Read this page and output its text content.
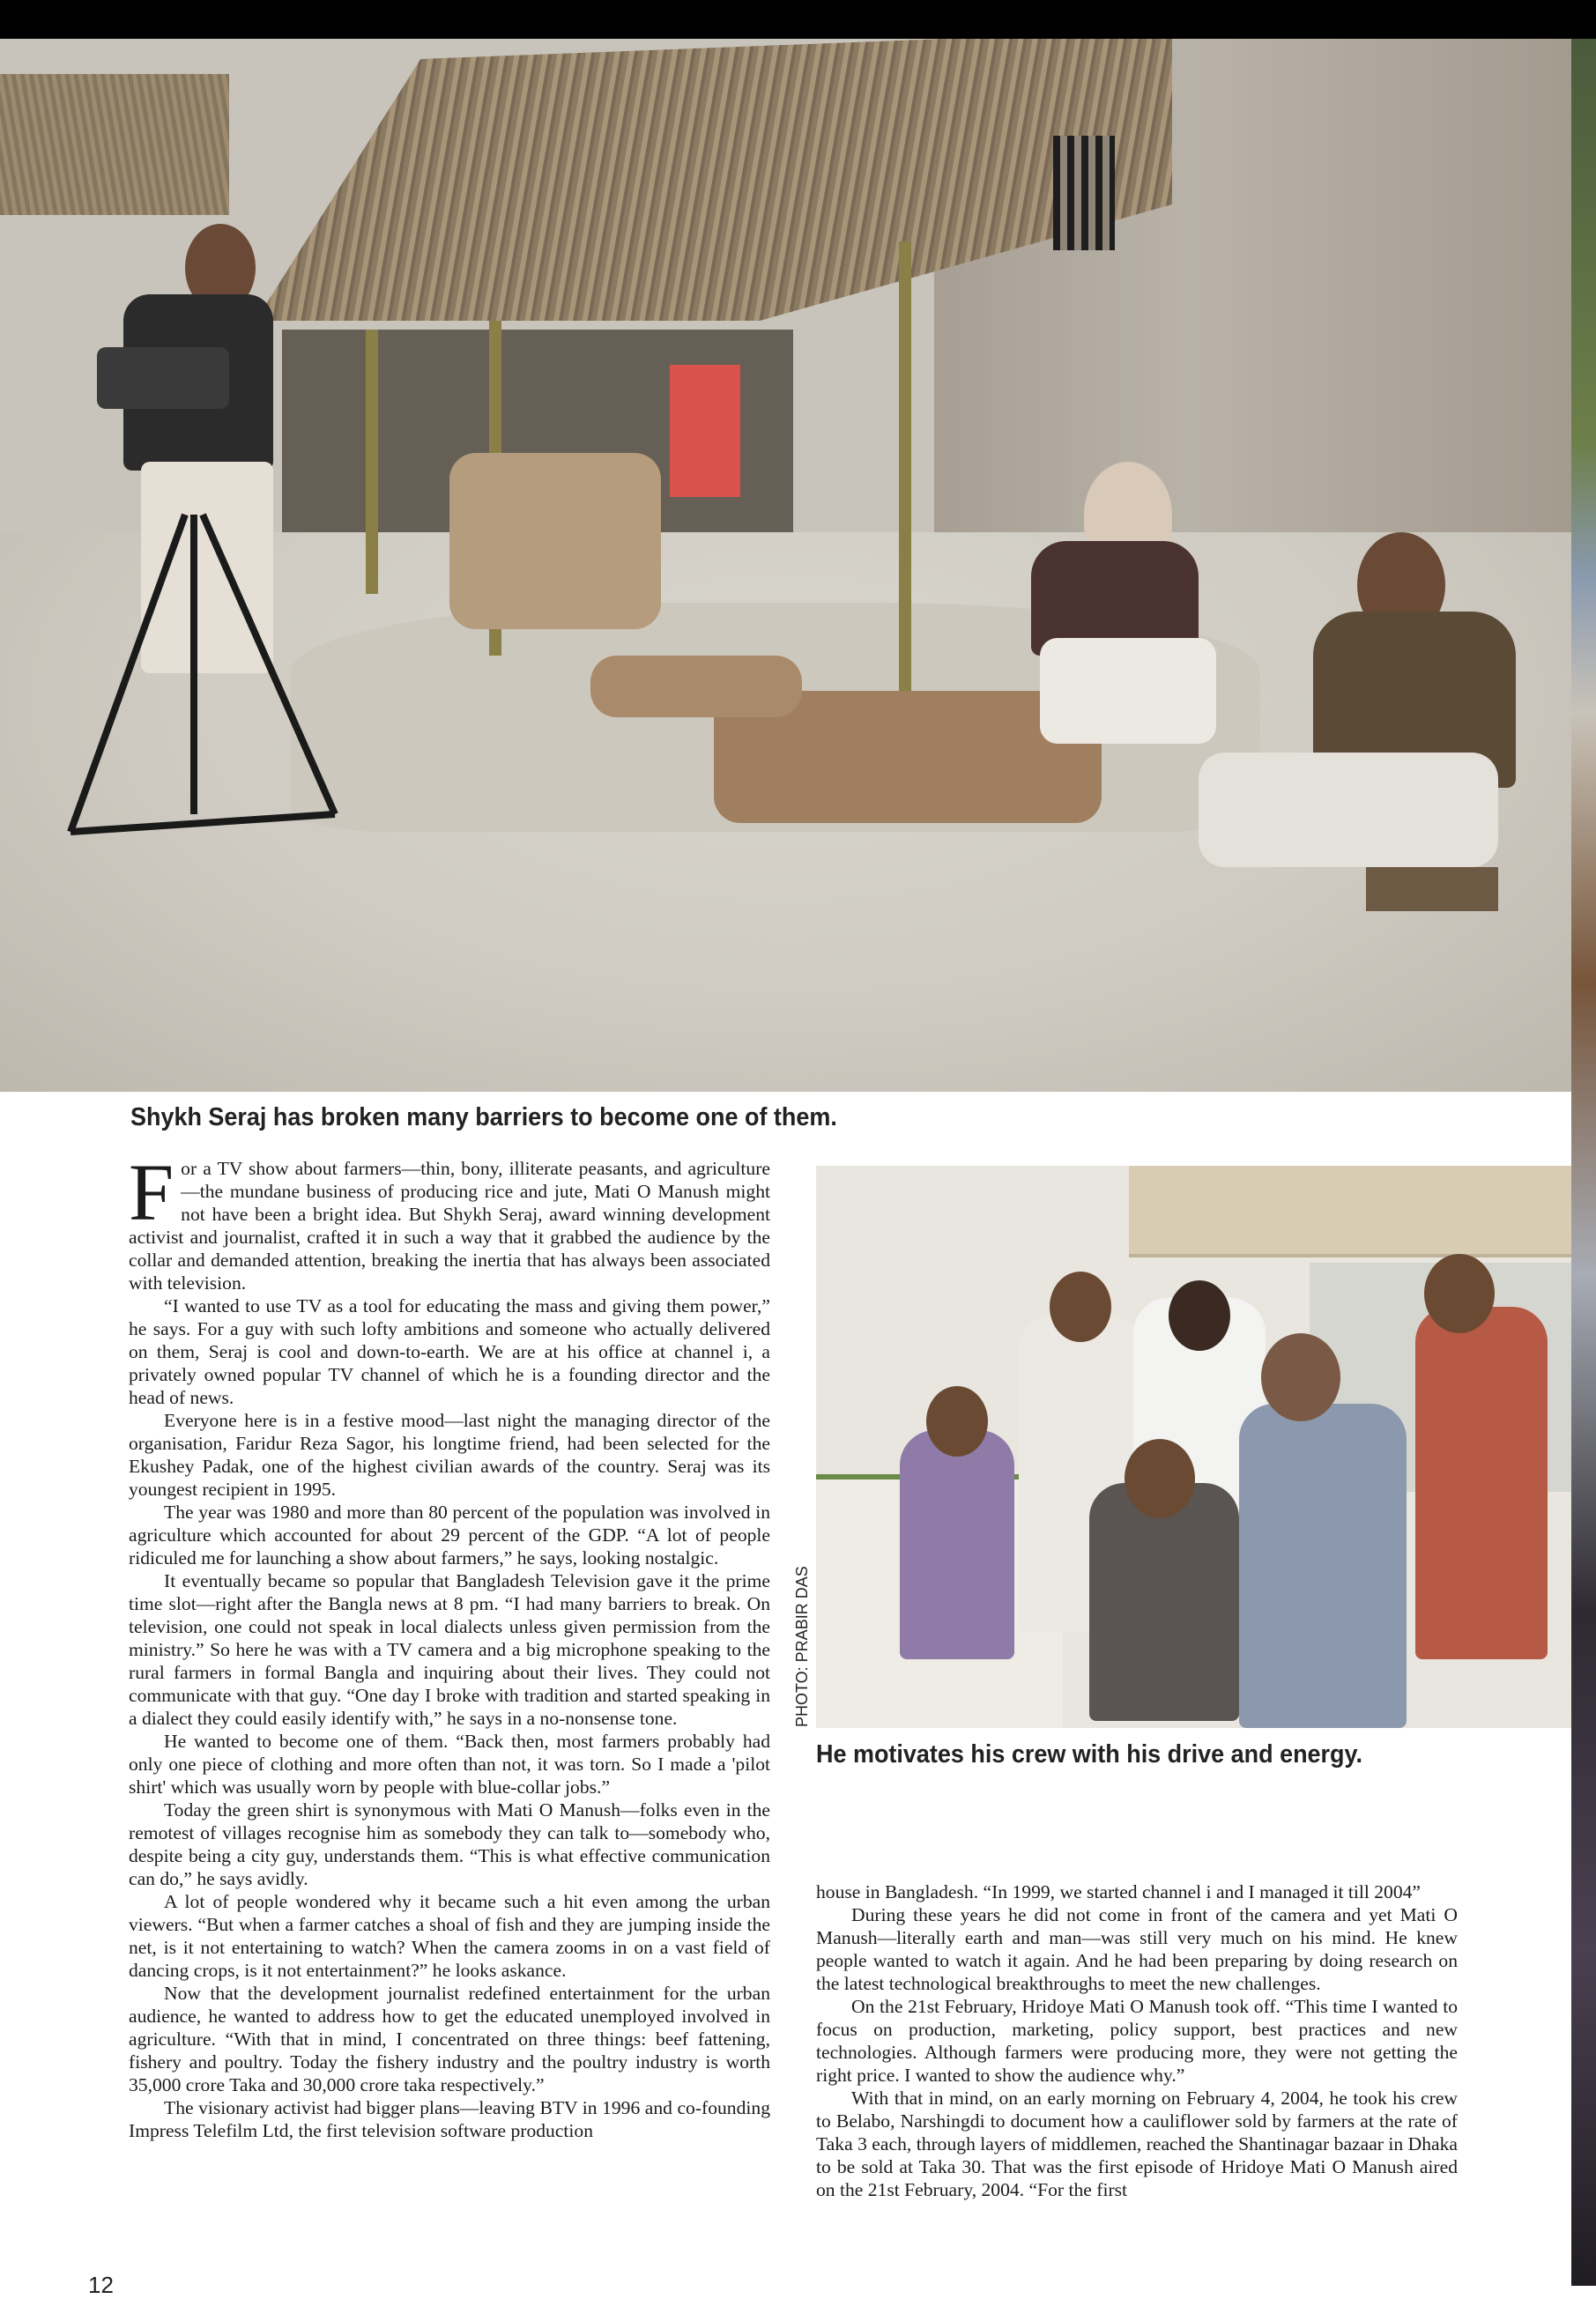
Shykh Seraj has broken many barriers to become one of them.

For a TV show about farmers—thin, bony, illiterate peasants, and agriculture—the mundane business of producing rice and jute, Mati O Manush might not have been a bright idea. But Shykh Seraj, award winning development activist and journalist, crafted it in such a way that it grabbed the audience by the collar and demanded attention, breaking the inertia that has always been associated with television.

“I wanted to use TV as a tool for educating the mass and giving them power,” he says. For a guy with such lofty ambitions and someone who actually delivered on them, Seraj is cool and down-to-earth. We are at his office at channel i, a privately owned popular TV channel of which he is a founding director and the head of news.

Everyone here is in a festive mood—last night the managing director of the organisation, Faridur Reza Sagor, his longtime friend, had been selected for the Ekushey Padak, one of the highest civilian awards of the country. Seraj was its youngest recipient in 1995.

The year was 1980 and more than 80 percent of the population was involved in agriculture which accounted for about 29 percent of the GDP. “A lot of people ridiculed me for launching a show about farmers,” he says, looking nostalgic.

It eventually became so popular that Bangladesh Television gave it the prime time slot—right after the Bangla news at 8 pm. “I had many barriers to break. On television, one could not speak in local dialects unless given permission from the ministry.” So here he was with a TV camera and a big microphone speaking to the rural farmers in formal Bangla and inquiring about their lives. They could not communicate with that guy. “One day I broke with tradition and started speaking in a dialect they could easily identify with,” he says in a no-nonsense tone.

He wanted to become one of them. “Back then, most farmers probably had only one piece of clothing and more often than not, it was torn. So I made a 'pilot shirt' which was usually worn by people with blue-collar jobs.”

Today the green shirt is synonymous with Mati O Manush—folks even in the remotest of villages recognise him as somebody they can talk to—somebody who, despite being a city guy, understands them. “This is what effective communication can do,” he says avidly.

A lot of people wondered why it became such a hit even among the urban viewers. “But when a farmer catches a shoal of fish and they are jumping inside the net, is it not entertaining to watch? When the camera zooms in on a vast field of dancing crops, is it not entertainment?” he looks askance.

Now that the development journalist redefined entertainment for the urban audience, he wanted to address how to get the educated unemployed involved in agriculture. “With that in mind, I concentrated on three things: beef fattening, fishery and poultry. Today the fishery industry and the poultry industry is worth 35,000 crore Taka and 30,000 crore taka respectively.”

The visionary activist had bigger plans—leaving BTV in 1996 and co-founding Impress Telefilm Ltd, the first television software production

PHOTO: PRABIR DAS
He motivates his crew with his drive and energy.

house in Bangladesh. “In 1999, we started channel i and I managed it till 2004”

During these years he did not come in front of the camera and yet Mati O Manush—literally earth and man—was still very much on his mind. He knew people wanted to watch it again. And he had been preparing by doing research on the latest technological breakthroughs to meet the new challenges.

On the 21st February, Hridoye Mati O Manush took off. “This time I wanted to focus on production, marketing, policy support, best practices and new technologies. Although farmers were producing more, they were not getting the right price. I wanted to show the audience why.”

With that in mind, on an early morning on February 4, 2004, he took his crew to Belabo, Narshingdi to document how a cauliflower sold by farmers at the rate of Taka 3 each, through layers of middlemen, reached the Shantinagar bazaar in Dhaka to be sold at Taka 30. That was the first episode of Hridoye Mati O Manush aired on the 21st February, 2004. “For the first

12
